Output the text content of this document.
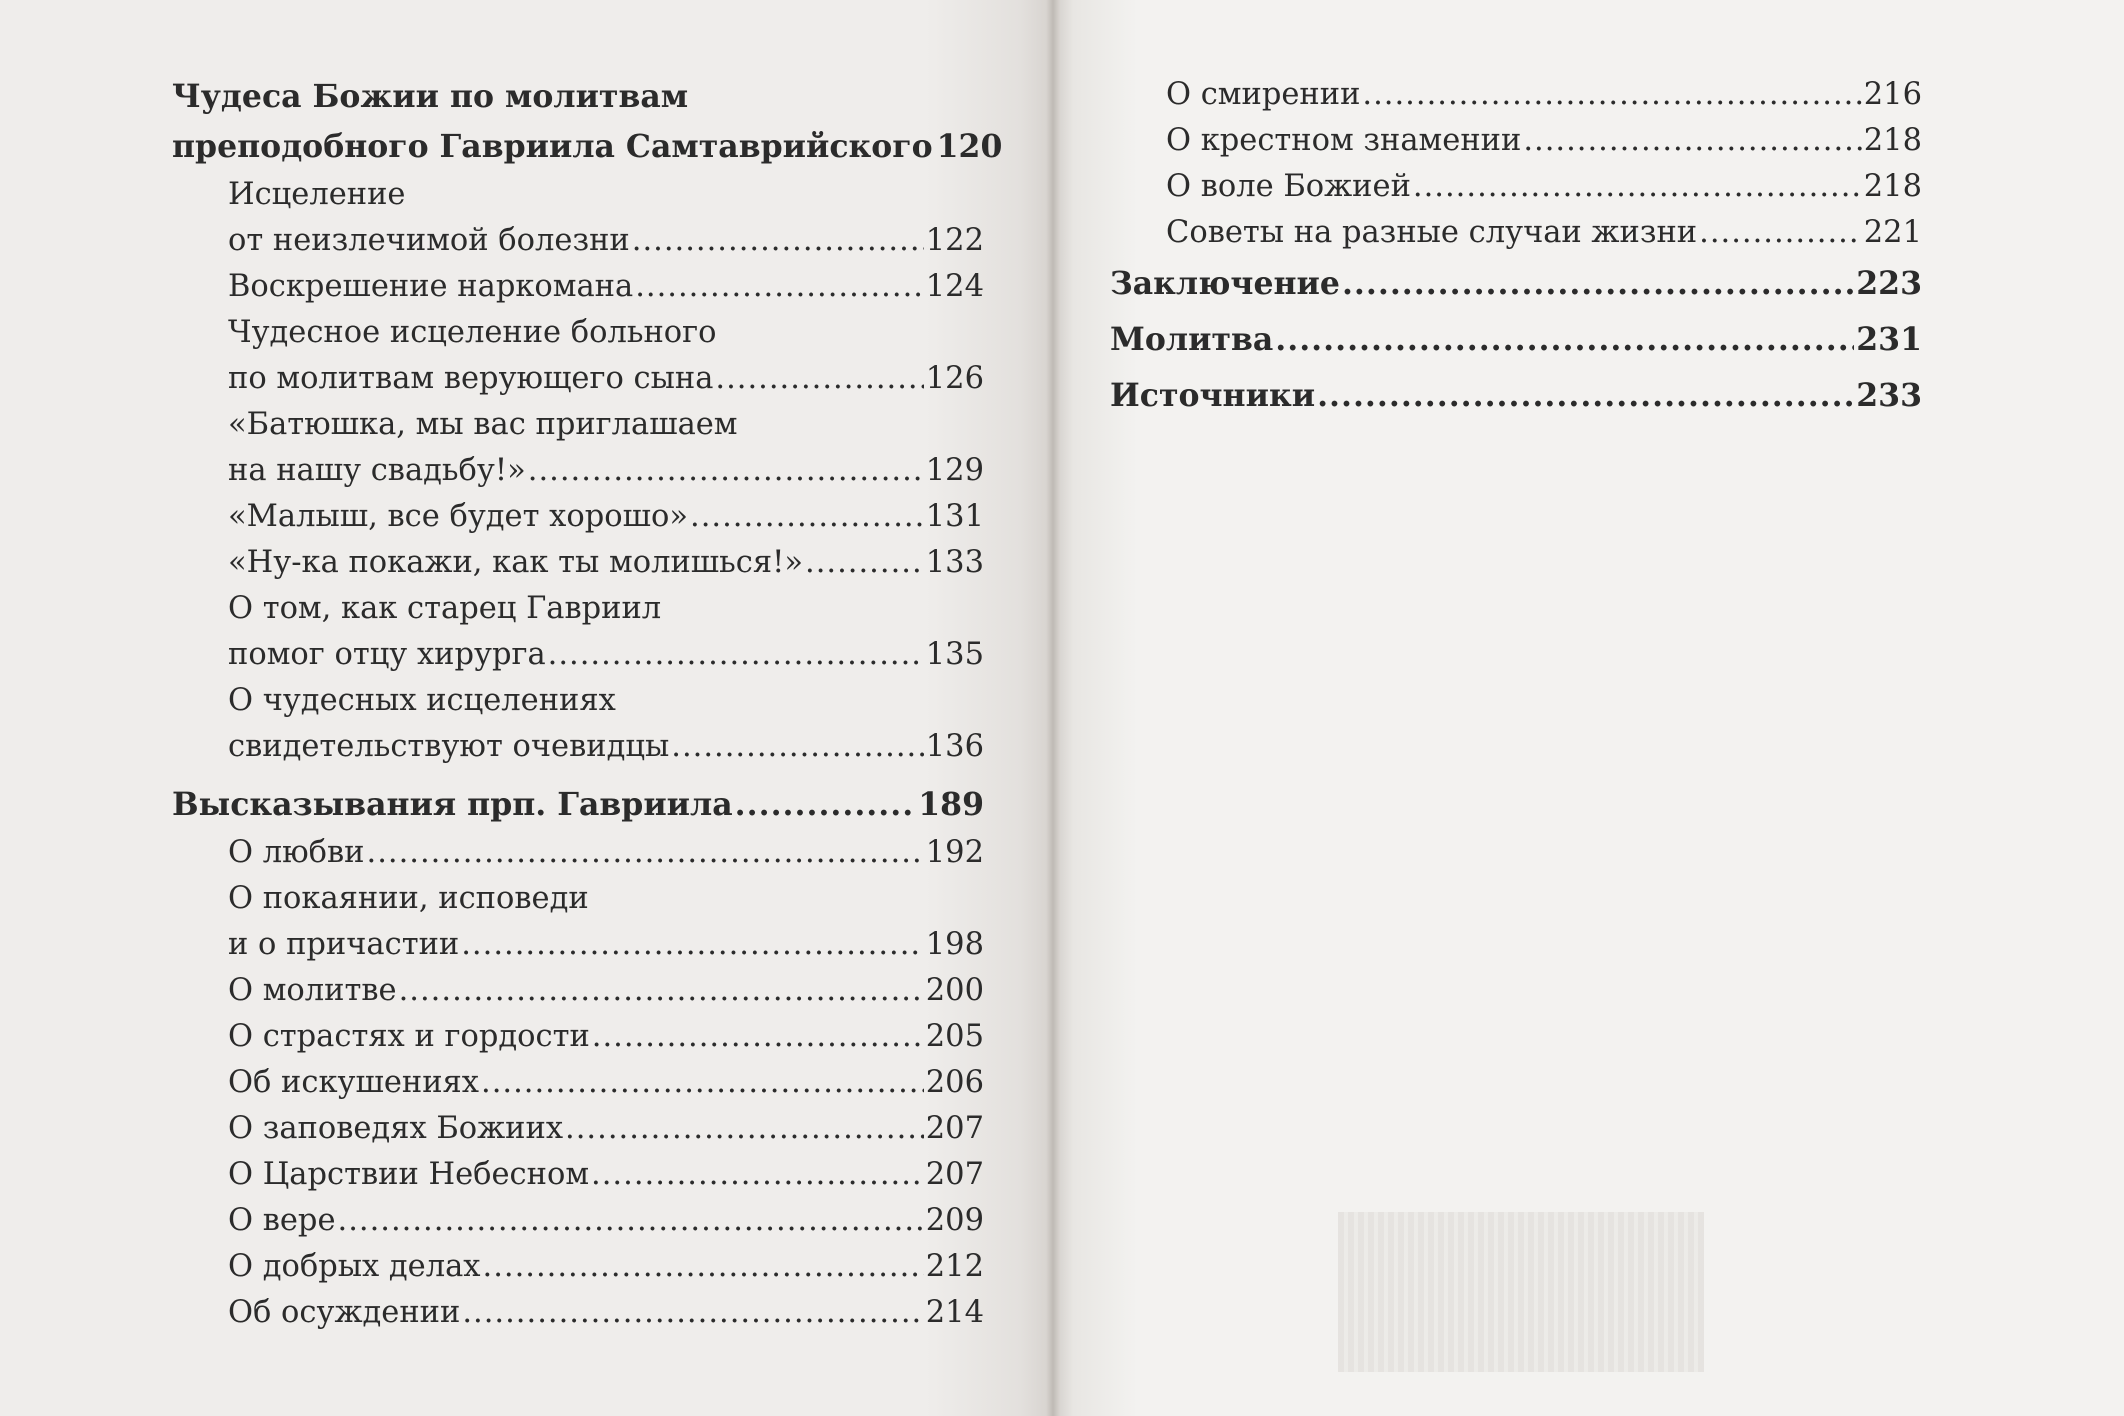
Чудеса Божии по молитвам
преподобного Гавриила Самтаврийского 120
Исцеление
от неизлечимой болезни .....	122
Воскрешение наркомана .....	124
Чудесное исцеление больного
по молитвам верующего сына .....	126
«Батюшка, мы вас приглашаем
на нашу свадьбу!» .....	129
«Малыш, все будет хорошо» .....	131
«Ну-ка покажи, как ты молишься!» .....	133
О том, как старец Гавриил
помог отцу хирурга .....	135
О чудесных исцелениях
свидетельствуют очевидцы .....	136
Высказывания прп. Гавриила .....	189
О любви .....	192
О покаянии, исповеди
и о причастии .....	198
О молитве .....	200
О страстях и гордости .....	205
Об искушениях .....	206
О заповедях Божиих .....	207
О Царствии Небесном .....	207
О вере .....	209
О добрых делах .....	212
Об осуждении .....	214
О смирении .....	216
О крестном знамении .....	218
О воле Божией .....	218
Советы на разные случаи жизни .....	221
Заключение .....	223
Молитва .....	231
Источники .....	233
